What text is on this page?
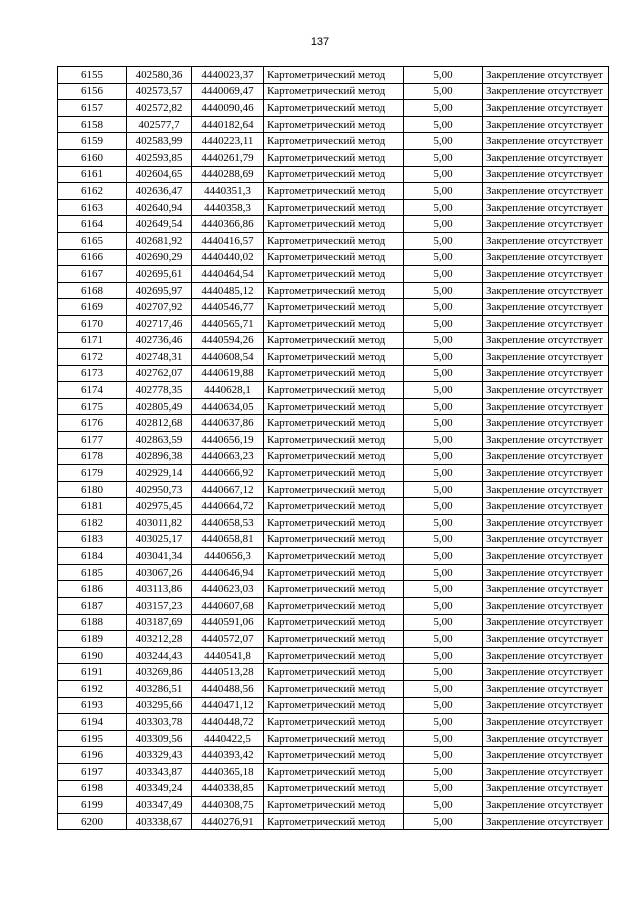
137
6155	402580,36	4440023,37	Картометрический метод	5,00	Закрепление отсутствует
6156	402573,57	4440069,47	Картометрический метод	5,00	Закрепление отсутствует
6157	402572,82	4440090,46	Картометрический метод	5,00	Закрепление отсутствует
6158	402577,7	4440182,64	Картометрический метод	5,00	Закрепление отсутствует
6159	402583,99	4440223,11	Картометрический метод	5,00	Закрепление отсутствует
6160	402593,85	4440261,79	Картометрический метод	5,00	Закрепление отсутствует
6161	402604,65	4440288,69	Картометрический метод	5,00	Закрепление отсутствует
6162	402636,47	4440351,3	Картометрический метод	5,00	Закрепление отсутствует
6163	402640,94	4440358,3	Картометрический метод	5,00	Закрепление отсутствует
6164	402649,54	4440366,86	Картометрический метод	5,00	Закрепление отсутствует
6165	402681,92	4440416,57	Картометрический метод	5,00	Закрепление отсутствует
6166	402690,29	4440440,02	Картометрический метод	5,00	Закрепление отсутствует
6167	402695,61	4440464,54	Картометрический метод	5,00	Закрепление отсутствует
6168	402695,97	4440485,12	Картометрический метод	5,00	Закрепление отсутствует
6169	402707,92	4440546,77	Картометрический метод	5,00	Закрепление отсутствует
6170	402717,46	4440565,71	Картометрический метод	5,00	Закрепление отсутствует
6171	402736,46	4440594,26	Картометрический метод	5,00	Закрепление отсутствует
6172	402748,31	4440608,54	Картометрический метод	5,00	Закрепление отсутствует
6173	402762,07	4440619,88	Картометрический метод	5,00	Закрепление отсутствует
6174	402778,35	4440628,1	Картометрический метод	5,00	Закрепление отсутствует
6175	402805,49	4440634,05	Картометрический метод	5,00	Закрепление отсутствует
6176	402812,68	4440637,86	Картометрический метод	5,00	Закрепление отсутствует
6177	402863,59	4440656,19	Картометрический метод	5,00	Закрепление отсутствует
6178	402896,38	4440663,23	Картометрический метод	5,00	Закрепление отсутствует
6179	402929,14	4440666,92	Картометрический метод	5,00	Закрепление отсутствует
6180	402950,73	4440667,12	Картометрический метод	5,00	Закрепление отсутствует
6181	402975,45	4440664,72	Картометрический метод	5,00	Закрепление отсутствует
6182	403011,82	4440658,53	Картометрический метод	5,00	Закрепление отсутствует
6183	403025,17	4440658,81	Картометрический метод	5,00	Закрепление отсутствует
6184	403041,34	4440656,3	Картометрический метод	5,00	Закрепление отсутствует
6185	403067,26	4440646,94	Картометрический метод	5,00	Закрепление отсутствует
6186	403113,86	4440623,03	Картометрический метод	5,00	Закрепление отсутствует
6187	403157,23	4440607,68	Картометрический метод	5,00	Закрепление отсутствует
6188	403187,69	4440591,06	Картометрический метод	5,00	Закрепление отсутствует
6189	403212,28	4440572,07	Картометрический метод	5,00	Закрепление отсутствует
6190	403244,43	4440541,8	Картометрический метод	5,00	Закрепление отсутствует
6191	403269,86	4440513,28	Картометрический метод	5,00	Закрепление отсутствует
6192	403286,51	4440488,56	Картометрический метод	5,00	Закрепление отсутствует
6193	403295,66	4440471,12	Картометрический метод	5,00	Закрепление отсутствует
6194	403303,78	4440448,72	Картометрический метод	5,00	Закрепление отсутствует
6195	403309,56	4440422,5	Картометрический метод	5,00	Закрепление отсутствует
6196	403329,43	4440393,42	Картометрический метод	5,00	Закрепление отсутствует
6197	403343,87	4440365,18	Картометрический метод	5,00	Закрепление отсутствует
6198	403349,24	4440338,85	Картометрический метод	5,00	Закрепление отсутствует
6199	403347,49	4440308,75	Картометрический метод	5,00	Закрепление отсутствует
6200	403338,67	4440276,91	Картометрический метод	5,00	Закрепление отсутствует
